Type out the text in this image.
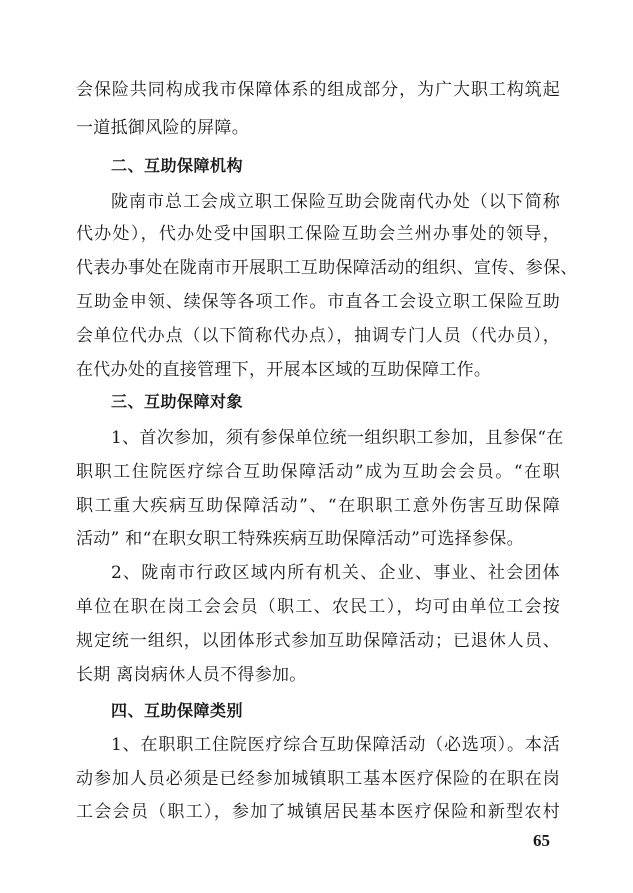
会保险共同构成我市保障体系的组成部分，为广大职工构筑起
一道抵御风险的屏障。
二、互助保障机构
陇南市总工会成立职工保险互助会陇南代办处（以下简称
代办处），代办处受中国职工保险互助会兰州办事处的领导，
代表办事处在陇南市开展职工互助保障活动的组织、宣传、参保、
互助金申领、续保等各项工作。市直各工会设立职工保险互助
会单位代办点（以下简称代办点），抽调专门人员（代办员），
在代办处的直接管理下，开展本区域的互助保障工作。
三、互助保障对象
1、首次参加，须有参保单位统一组织职工参加，且参保“在
职职工住院医疗综合互助保障活动”成为互助会会员。“在职
职工重大疾病互助保障活动”、“在职职工意外伤害互助保障
活动” 和“在职女职工特殊疾病互助保障活动”可选择参保。
2、陇南市行政区域内所有机关、企业、事业、社会团体
单位在职在岗工会会员（职工、农民工），均可由单位工会按
规定统一组织，以团体形式参加互助保障活动；已退休人员、
长期 离岗病休人员不得参加。
四、互助保障类别
1、在职职工住院医疗综合互助保障活动（必选项）。本活
动参加人员必须是已经参加城镇职工基本医疗保险的在职在岗
工会会员（职工），参加了城镇居民基本医疗保险和新型农村
65
